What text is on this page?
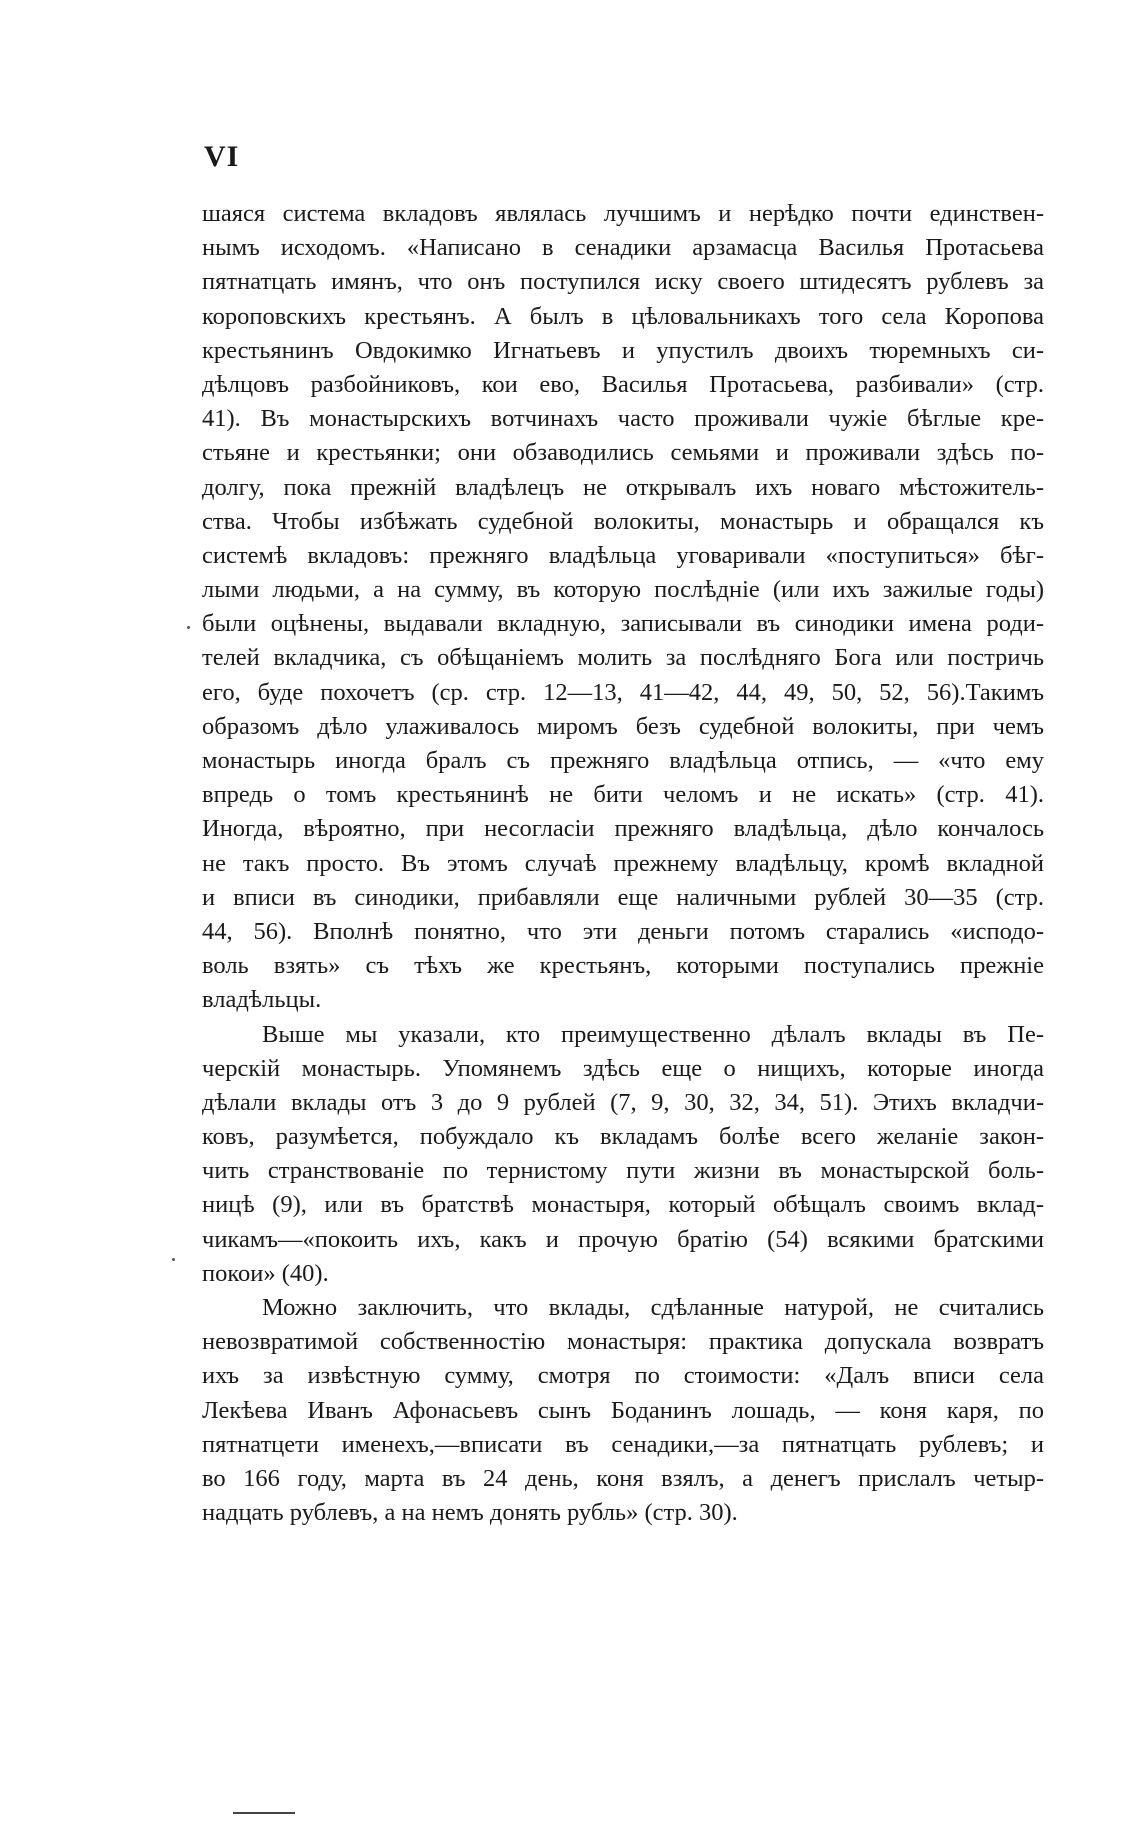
VI
шаяся система вкладовъ являлась лучшимъ и нерѣдко почти единствен-
нымъ исходомъ. «Написано в сенадики арзамасца Василья Протасьева
пятнатцать имянъ, что онъ поступился иску своего штидесятъ рублевъ за
короповскихъ крестьянъ. А былъ в цѣловальникахъ того села Коропова
крестьянинъ Овдокимко Игнатьевъ и упустилъ двоихъ тюремныхъ си-
дѣлцовъ разбойниковъ, кои ево, Василья Протасьева, разбивали» (стр.
41). Въ монастырскихъ вотчинахъ часто проживали чужiе бѣглые кре-
стьяне и крестьянки; они обзаводились семьями и проживали здѣсь по-
долгу, пока прежнiй владѣлецъ не открывалъ ихъ новаго мѣстожитель-
ства. Чтобы избѣжать судебной волокиты, монастырь и обращался къ
системѣ вкладовъ: прежняго владѣльца уговаривали «поступиться» бѣг-
лыми людьми, а на сумму, въ которую послѣднiе (или ихъ зажилые годы)
были оцѣнены, выдавали вкладную, записывали въ синодики имена роди-
телей вкладчика, съ обѣщанiемъ молить за послѣдняго Бога или постричь
его, буде похочетъ (ср. стр. 12—13, 41—42, 44, 49, 50, 52, 56).Такимъ
образомъ дѣло улаживалось миромъ безъ судебной волокиты, при чемъ
монастырь иногда бралъ съ прежняго владѣльца отпись, — «что ему
впредь о томъ крестьянинѣ не бити челомъ и не искать» (стр. 41).
Иногда, вѣроятно, при несогласiи прежняго владѣльца, дѣло кончалось
не такъ просто. Въ этомъ случаѣ прежнему владѣльцу, кромѣ вкладной
и вписи въ синодики, прибавляли еще наличными рублей 30—35 (стр.
44, 56). Вполнѣ понятно, что эти деньги потомъ старались «исподо-
воль взять» съ тѣхъ же крестьянъ, которыми поступались прежнiе
владѣльцы.
Выше мы указали, кто преимущественно дѣлалъ вклады въ Пе-
черскiй монастырь. Упомянемъ здѣсь еще о нищихъ, которые иногда
дѣлали вклады отъ 3 до 9 рублей (7, 9, 30, 32, 34, 51). Этихъ вкладчи-
ковъ, разумѣется, побуждало къ вкладамъ болѣе всего желанiе закон-
чить странствованiе по тернистому пути жизни въ монастырской боль-
ницѣ (9), или въ братствѣ монастыря, который обѣщалъ своимъ вклад-
чикамъ—«покоить ихъ, какъ и прочую братiю (54) всякими братскими
покои» (40).
Можно заключить, что вклады, сдѣланные натурой, не считались
невозвратимой собственностiю монастыря: практика допускала возвратъ
ихъ за извѣстную сумму, смотря по стоимости: «Далъ вписи села
Лекѣева Иванъ Афонасьевъ сынъ Боданинъ лошадь, — коня каря, по
пятнатцети именехъ,—вписати въ сенадики,—за пятнатцать рублевъ; и
во 166 году, марта въ 24 день, коня взялъ, а денегъ прислалъ четыр-
надцать рублевъ, а на немъ донять рубль» (стр. 30).
